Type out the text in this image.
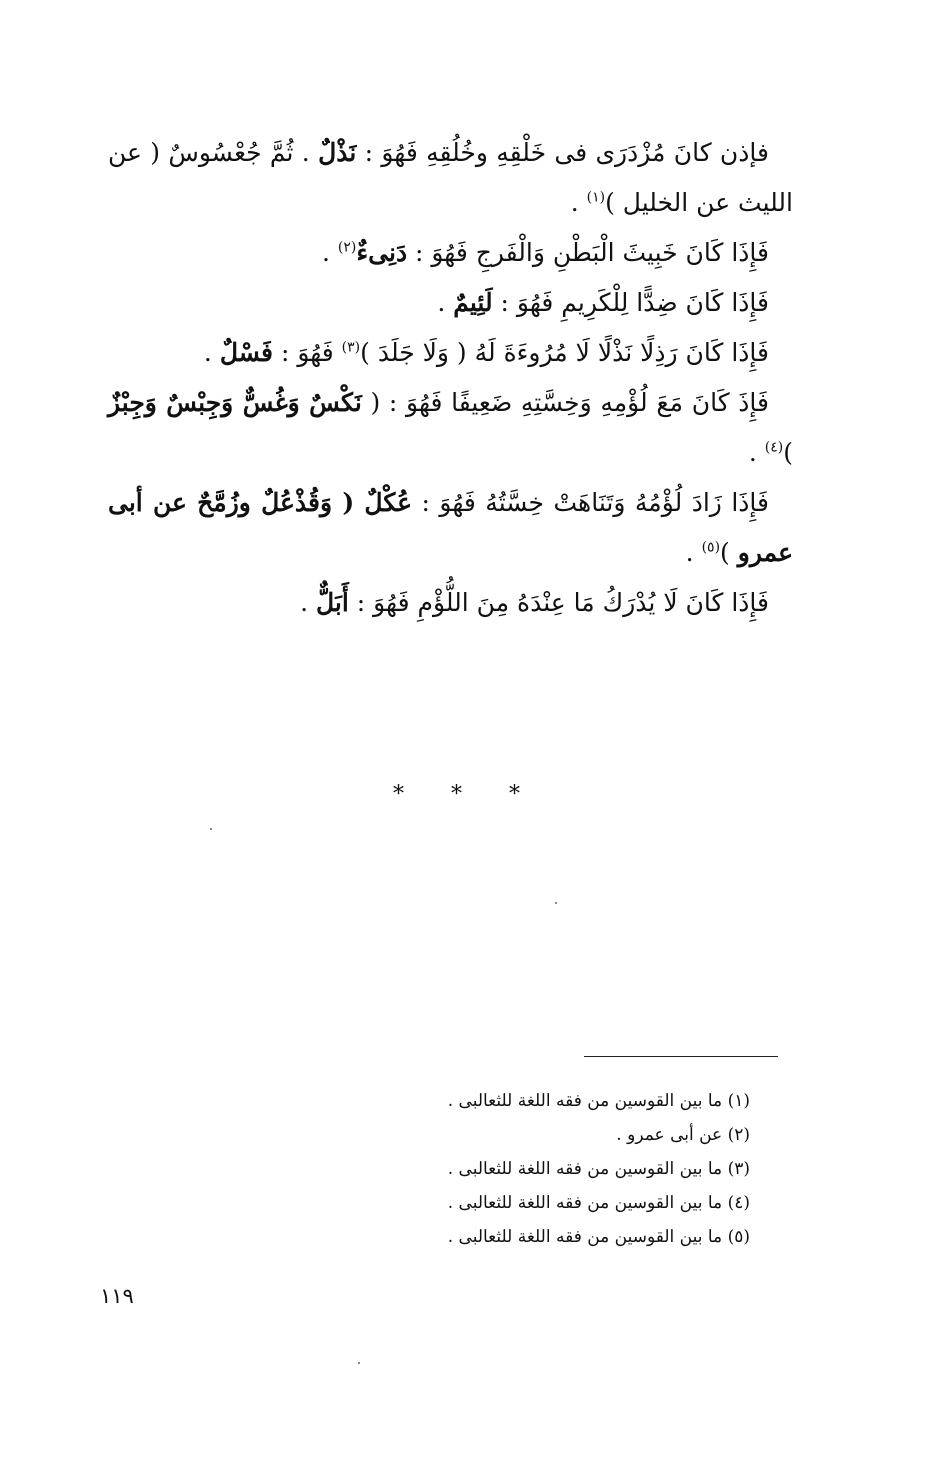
فإذن كانَ مُزْدَرَى فى خَلْقِهِ وخُلُقِهِ فَهُوَ : نَذْلٌ . ثُمَّ جُعْسُوسٌ ( عن الليث عن الخليل )$^{(١)}$ .

فَإِذَا كَانَ خَبِيثَ الْبَطْنِ وَالْفَرجِ فَهُوَ : دَنِىءٌ$^{(٢)}$ .

فَإِذَا كَانَ ضِدًّا لِلْكَرِيمِ فَهُوَ : لَئِيمٌ .

فَإِذَا كَانَ رَذِلًا نَذْلًا لَا مُرُوءَةَ لَهُ ( وَلَا جَلَدَ )$^{(٣)}$ فَهُوَ : فَسْلٌ .

فَإِذَ كَانَ مَعَ لُؤْمِهِ وَخِسَّتِهِ ضَعِيفًا فَهُوَ : ( نَكْسٌ وَغُسٌّ وَجِبْسٌ وَجِبْزٌ )$^{(٤)}$ .

فَإِذَا زَادَ لُؤْمُهُ وَتَنَاهَتْ خِسَّتُهُ فَهُوَ : عُكْلٌ ( وَقُذْعُلٌ وزُمَّحٌ عن أبى عمرو )$^{(٥)}$ .

فَإِذَا كَانَ لَا يُدْرَكُ مَا عِنْدَهُ مِنَ اللُّؤْمِ فَهُوَ : أَبَلٌّ .

* * *
(١) ما بين القوسين من فقه اللغة للثعالبى .
(٢) عن أبى عمرو .
(٣) ما بين القوسين من فقه اللغة للثعالبى .
(٤) ما بين القوسين من فقه اللغة للثعالبى .
(٥) ما بين القوسين من فقه اللغة للثعالبى .
١١٩
